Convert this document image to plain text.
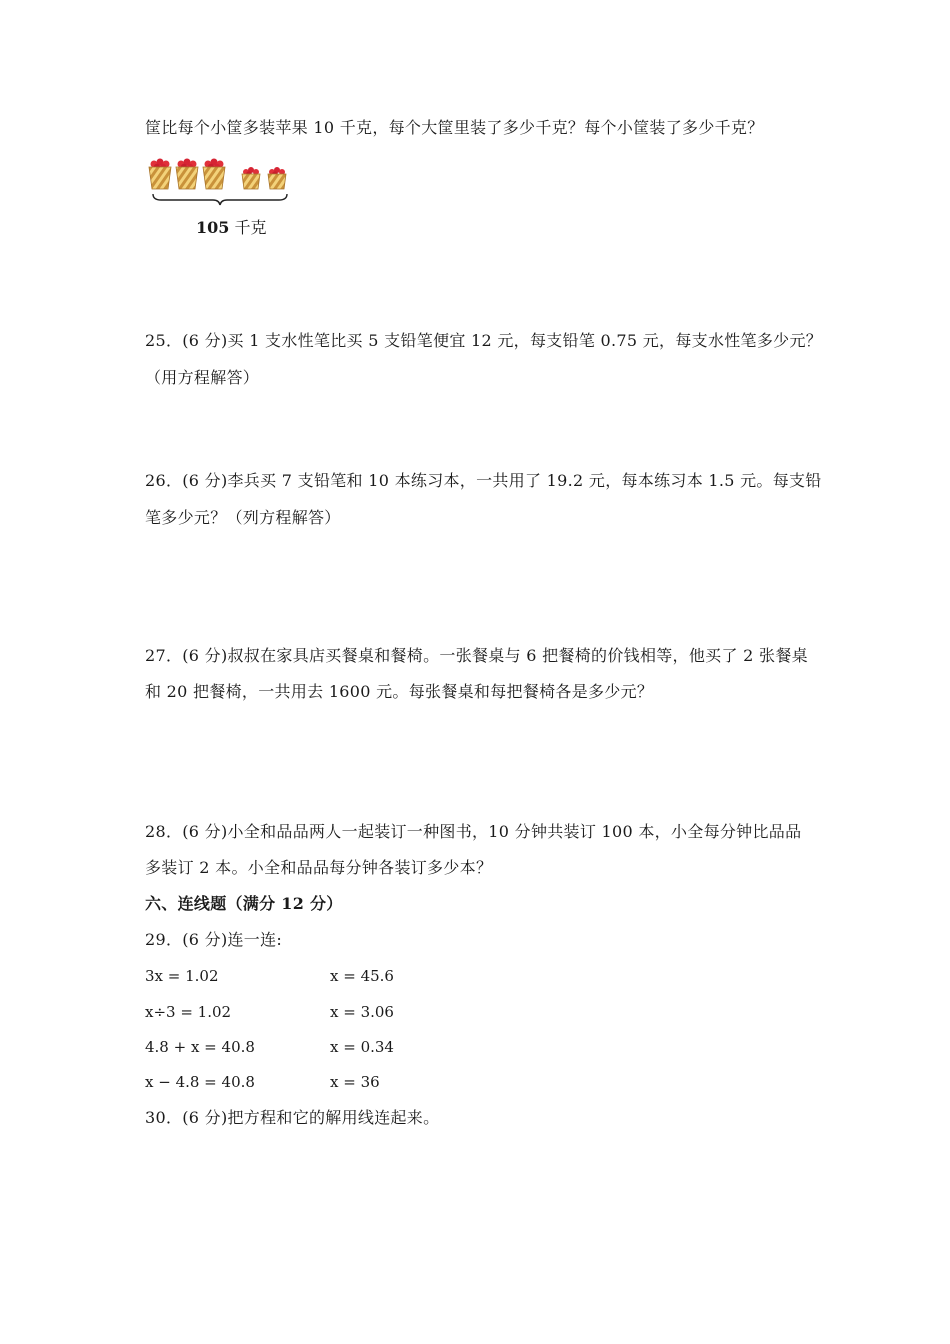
筐比每个小筐多装苹果 10 千克，每个大筐里装了多少千克？每个小筐装了多少千克？
105 千克
25．(6 分)买 1 支水性笔比买 5 支铅笔便宜 12 元，每支铅笔 0.75 元，每支水性笔多少元？
（用方程解答）
26．(6 分)李兵买 7 支铅笔和 10 本练习本，一共用了 19.2 元，每本练习本 1.5 元。每支铅
笔多少元？（列方程解答）
27．(6 分)叔叔在家具店买餐桌和餐椅。一张餐桌与 6 把餐椅的价钱相等，他买了 2 张餐桌
和 20 把餐椅，一共用去 1600 元。每张餐桌和每把餐椅各是多少元？
28．(6 分)小全和品品两人一起装订一种图书，10 分钟共装订 100 本，小全每分钟比品品
多装订 2 本。小全和品品每分钟各装订多少本？
六、连线题（满分 12 分）
29．(6 分)连一连:
3x = 1.02	x = 45.6
x÷3 = 1.02	x = 3.06
4.8 + x = 40.8	x = 0.34
x − 4.8 = 40.8	x = 36
30．(6 分)把方程和它的解用线连起来。
